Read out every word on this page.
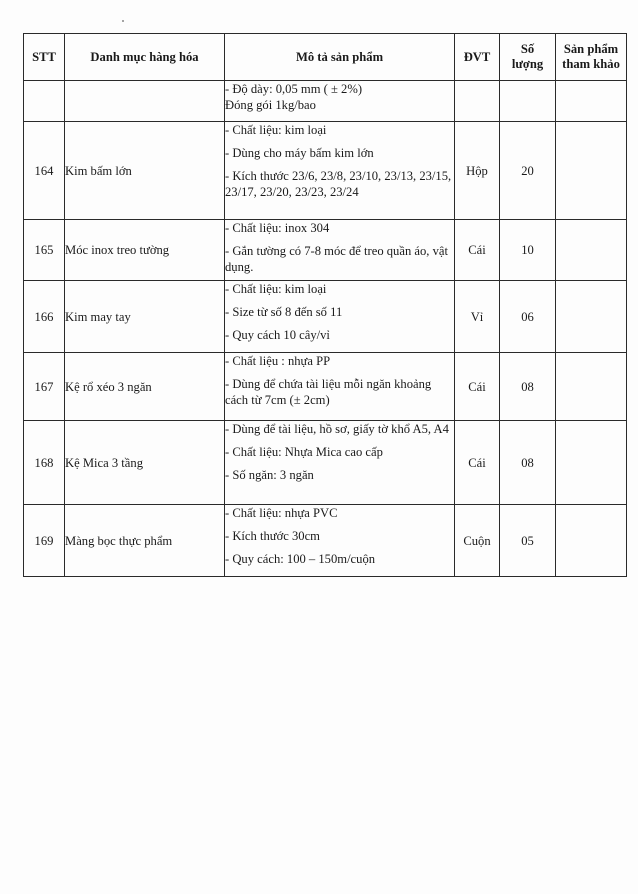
STT	Danh mục hàng hóa	Mô tả sản phẩm	ĐVT	Số lượng	Sản phẩm tham khảo

		- Độ dày: 0,05 mm ( ± 2%)
Đóng gói 1kg/bao			

164	Kim bấm lớn	- Chất liệu: kim loại
- Dùng cho máy bấm kim lớn
- Kích thước 23/6, 23/8, 23/10, 23/13, 23/15, 23/17, 23/20, 23/23, 23/24	Hộp	20	
165	Móc inox treo tường	- Chất liệu: inox 304
- Gắn tường có 7-8 móc để treo quần áo, vật dụng.	Cái	10	
166	Kim may tay	- Chất liệu: kim loại
- Size từ số 8 đến số 11
- Quy cách 10 cây/vỉ	Vỉ	06	
167	Kệ rổ xéo 3 ngăn	- Chất liệu : nhựa PP
- Dùng để chứa tài liệu mỗi ngăn khoảng cách từ 7cm (± 2cm)	Cái	08	
168	Kệ Mica 3 tầng	- Dùng để tài liệu, hồ sơ, giấy tờ khổ A5, A4
- Chất liệu: Nhựa Mica cao cấp
- Số ngăn: 3 ngăn	Cái	08	
169	Màng bọc thực phẩm	- Chất liệu: nhựa PVC
- Kích thước 30cm
- Quy cách: 100 – 150m/cuộn	Cuộn	05	
